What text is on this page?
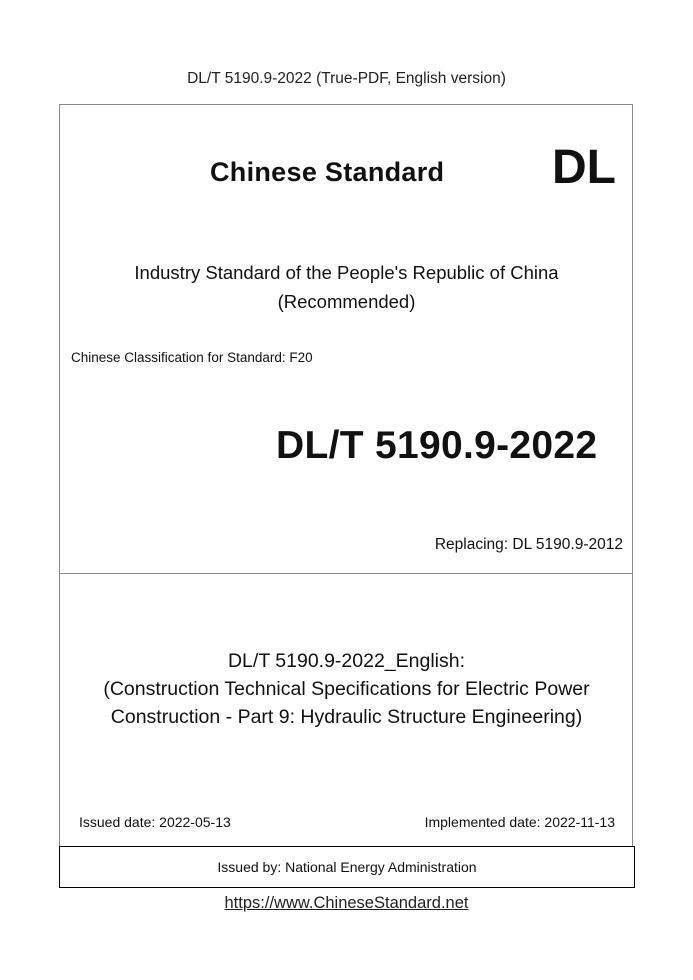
DL/T 5190.9-2022 (True-PDF, English version)
Chinese Standard DL
Industry Standard of the People's Republic of China
(Recommended)
Chinese Classification for Standard: F20
DL/T 5190.9-2022
Replacing: DL 5190.9-2012
DL/T 5190.9-2022_English:
(Construction Technical Specifications for Electric Power
Construction - Part 9: Hydraulic Structure Engineering)
Issued date: 2022-05-13	Implemented date: 2022-11-13
Issued by: National Energy Administration
https://www.ChineseStandard.net
